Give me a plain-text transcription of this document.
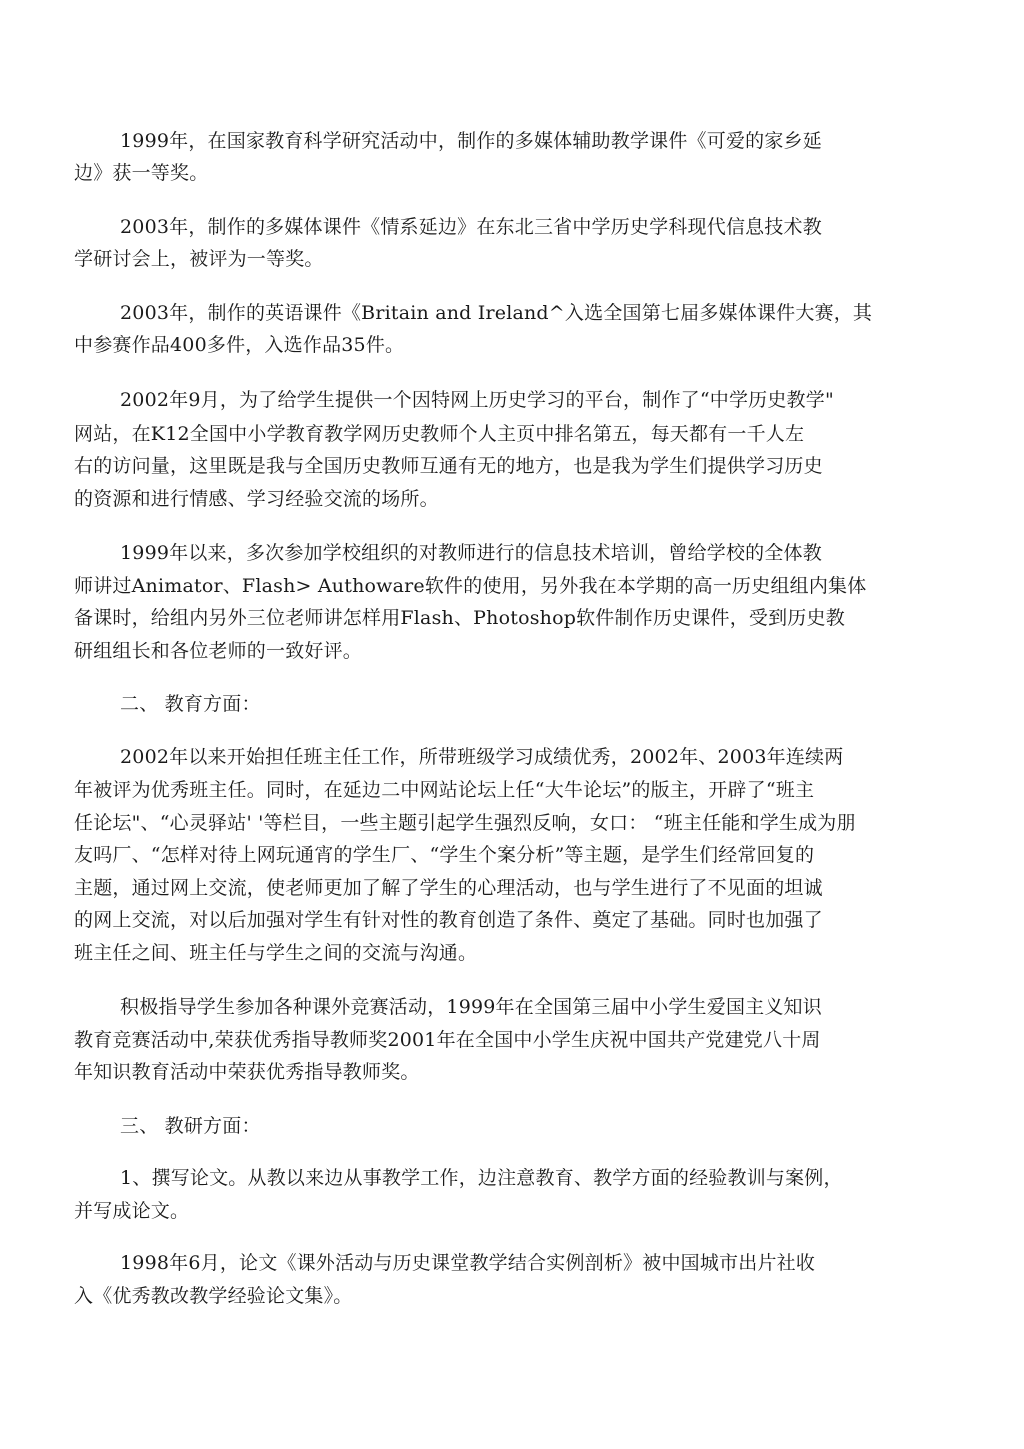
1999年，在国家教育科学研究活动中，制作的多媒体辅助教学课件《可爱的家乡延
边》获一等奖。
2003年，制作的多媒体课件《情系延边》在东北三省中学历史学科现代信息技术教
学研讨会上，被评为一等奖。
2003年，制作的英语课件《Britain and Ireland^入选全国第七届多媒体课件大赛，其
中参赛作品400多件，入选作品35件。
2002年9月，为了给学生提供一个因特网上历史学习的平台，制作了“中学历史教学"
网站，在K12全国中小学教育教学网历史教师个人主页中排名第五，每天都有一千人左
右的访问量，这里既是我与全国历史教师互通有无的地方，也是我为学生们提供学习历史
的资源和进行情感、学习经验交流的场所。
1999年以来，多次参加学校组织的对教师进行的信息技术培训，曾给学校的全体教
师讲过Animator、Flash> Authoware软件的使用，另外我在本学期的高一历史组组内集体
备课时，给组内另外三位老师讲怎样用Flash、Photoshop软件制作历史课件，受到历史教
研组组长和各位老师的一致好评。
二、 教育方面：
2002年以来开始担任班主任工作，所带班级学习成绩优秀，2002年、2003年连续两
年被评为优秀班主任。同时，在延边二中网站论坛上任“大牛论坛”的版主，开辟了“班主
任论坛"、“心灵驿站' '等栏目，一些主题引起学生强烈反响，女口： “班主任能和学生成为朋
友吗厂、“怎样对待上网玩通宵的学生厂、“学生个案分析”等主题，是学生们经常回复的
主题，通过网上交流，使老师更加了解了学生的心理活动，也与学生进行了不见面的坦诚
的网上交流，对以后加强对学生有针对性的教育创造了条件、奠定了基础。同时也加强了
班主任之间、班主任与学生之间的交流与沟通。
积极指导学生参加各种课外竞赛活动，1999年在全国第三届中小学生爱国主义知识
教育竞赛活动中,荣获优秀指导教师奖2001年在全国中小学生庆祝中国共产党建党八十周
年知识教育活动中荣获优秀指导教师奖。
三、 教研方面：
1、撰写论文。从教以来边从事教学工作，边注意教育、教学方面的经验教训与案例，
并写成论文。
1998年6月，论文《课外活动与历史课堂教学结合实例剖析》被中国城市出片社收
入《优秀教改教学经验论文集》。
